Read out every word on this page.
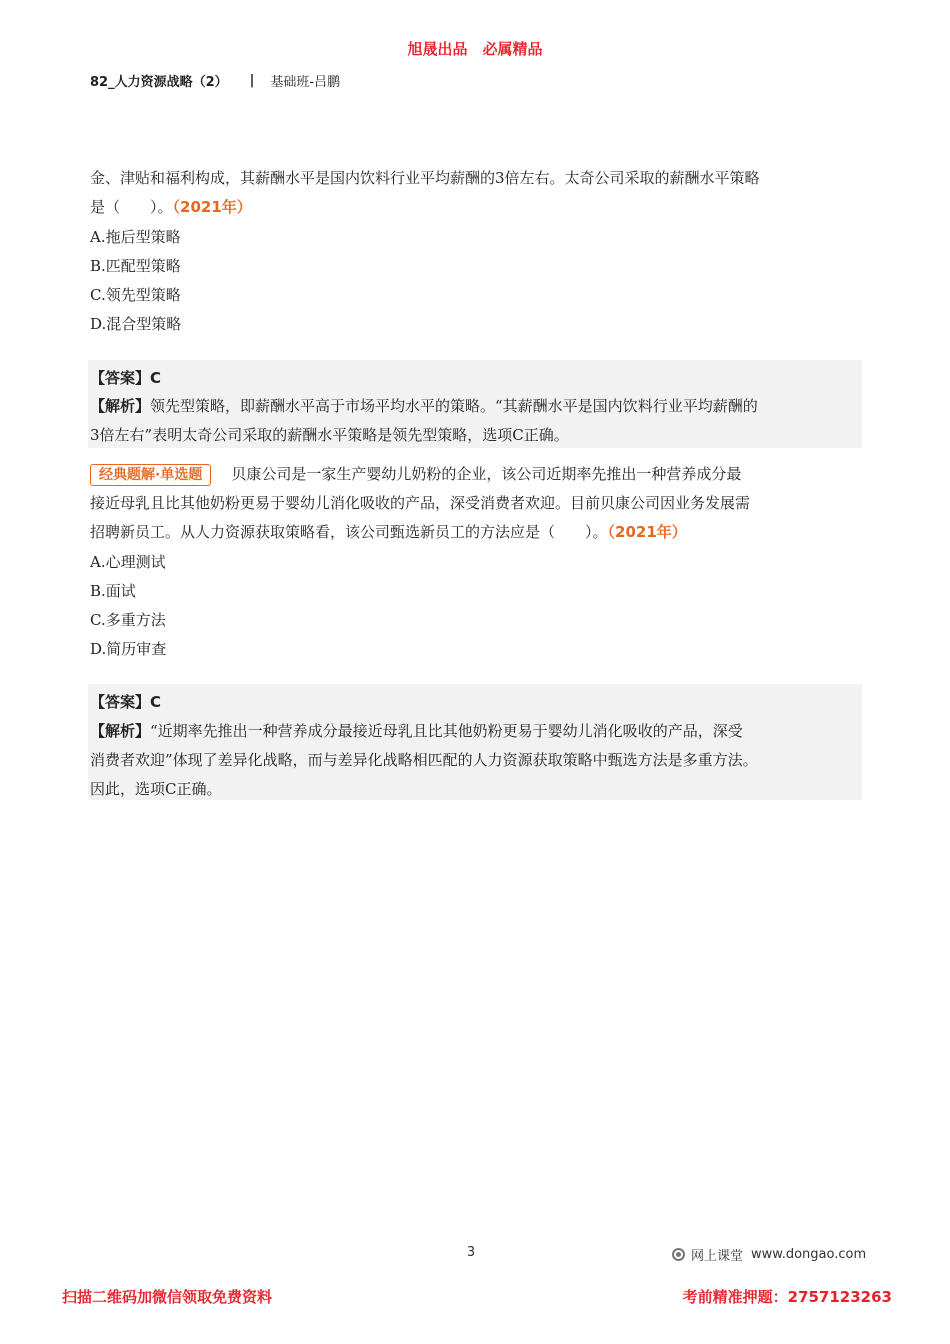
旭晟出品　必属精品
82_人力资源战略（2） | 基础班-吕鹏
金、津贴和福利构成，其薪酬水平是国内饮料行业平均薪酬的3倍左右。太奇公司采取的薪酬水平策略
是（　　）。（2021年）
A.拖后型策略
B.匹配型策略
C.领先型策略
D.混合型策略
【答案】C
【解析】领先型策略，即薪酬水平高于市场平均水平的策略。“其薪酬水平是国内饮料行业平均薪酬的
3倍左右”表明太奇公司采取的薪酬水平策略是领先型策略，选项C正确。
经典题解·单选题 贝康公司是一家生产婴幼儿奶粉的企业，该公司近期率先推出一种营养成分最
接近母乳且比其他奶粉更易于婴幼儿消化吸收的产品，深受消费者欢迎。目前贝康公司因业务发展需
招聘新员工。从人力资源获取策略看，该公司甄选新员工的方法应是（　　）。（2021年）
A.心理测试
B.面试
C.多重方法
D.简历审查
【答案】C
【解析】“近期率先推出一种营养成分最接近母乳且比其他奶粉更易于婴幼儿消化吸收的产品，深受
消费者欢迎”体现了差异化战略，而与差异化战略相匹配的人力资源获取策略中甄选方法是多重方法。
因此，选项C正确。
3	网上课堂 www.dongao.com
扫描二维码加微信领取免费资料	考前精准押题：2757123263
